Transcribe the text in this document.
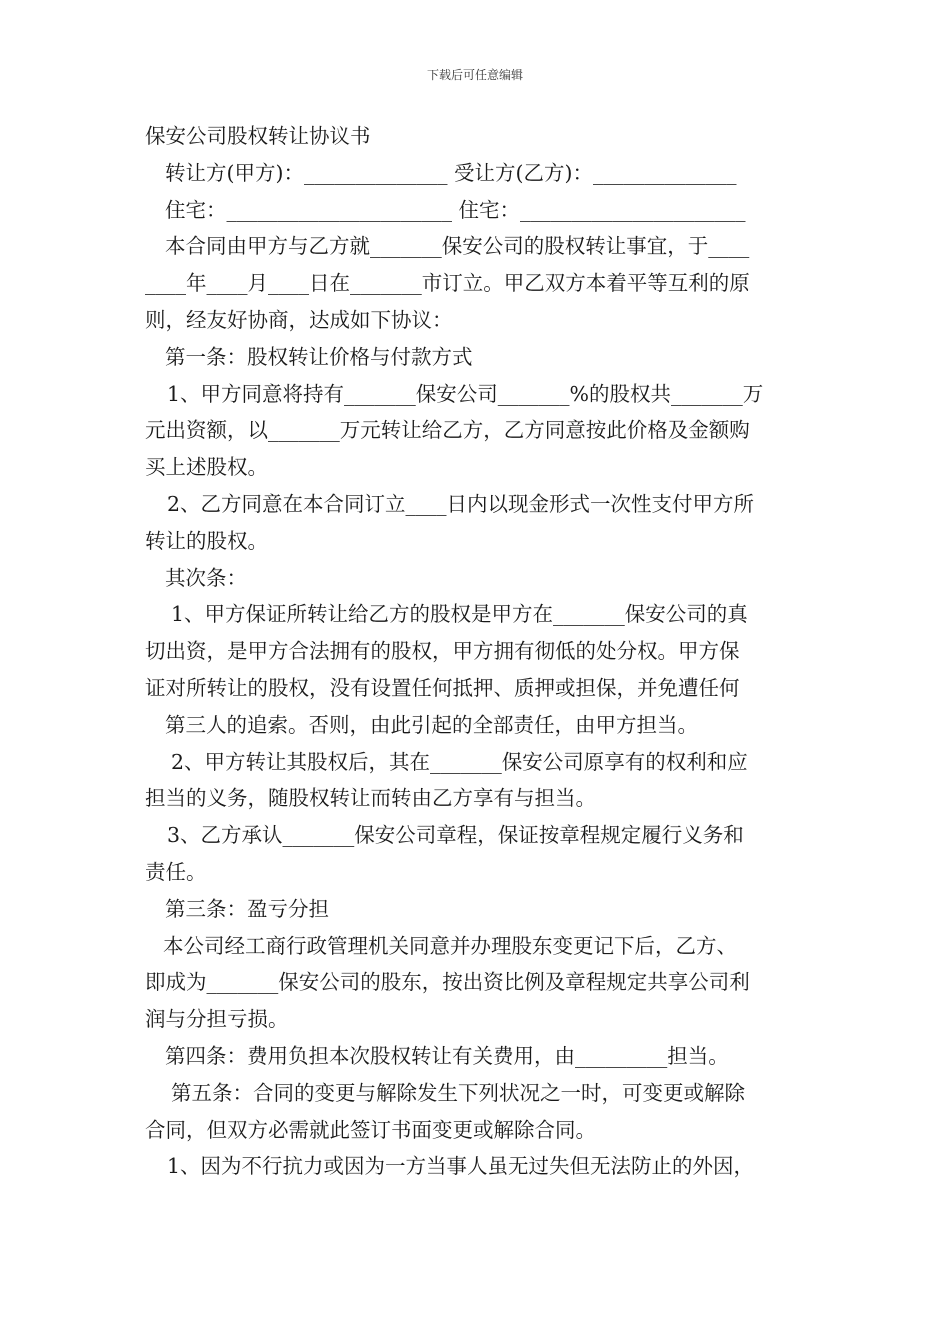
下载后可任意编辑
保安公司股权转让协议书
转让方(甲方)：______________ 受让方(乙方)：______________
住宅：______________________ 住宅：______________________
本合同由甲方与乙方就_______保安公司的股权转让事宜，于____
____年____月____日在_______市订立。甲乙双方本着平等互利的原
则，经友好协商，达成如下协议：
第一条：股权转让价格与付款方式
1、甲方同意将持有_______保安公司_______%的股权共_______万
元出资额，以_______万元转让给乙方，乙方同意按此价格及金额购
买上述股权。
2、乙方同意在本合同订立____日内以现金形式一次性支付甲方所
转让的股权。
其次条：
1、甲方保证所转让给乙方的股权是甲方在_______保安公司的真
切出资，是甲方合法拥有的股权，甲方拥有彻低的处分权。甲方保
证对所转让的股权，没有设置任何抵押、质押或担保，并免遭任何
第三人的追索。否则，由此引起的全部责任，由甲方担当。
2、甲方转让其股权后，其在_______保安公司原享有的权利和应
担当的义务，随股权转让而转由乙方享有与担当。
3、乙方承认_______保安公司章程，保证按章程规定履行义务和
责任。
第三条：盈亏分担
本公司经工商行政管理机关同意并办理股东变更记下后，乙方、
即成为_______保安公司的股东，按出资比例及章程规定共享公司利
润与分担亏损。
第四条：费用负担本次股权转让有关费用，由_________担当。
第五条：合同的变更与解除发生下列状况之一时，可变更或解除
合同，但双方必需就此签订书面变更或解除合同。
1、因为不行抗力或因为一方当事人虽无过失但无法防止的外因，
